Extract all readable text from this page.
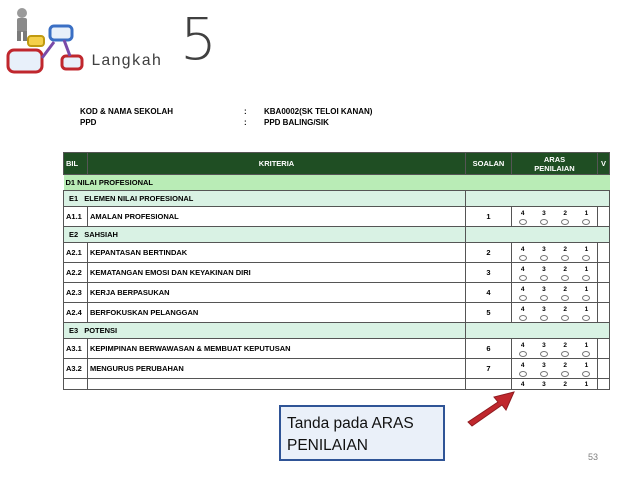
Langkah 5
KOD & NAMA SEKOLAH	:	KBA0002(SK TELOI KANAN)
PPD	:	PPD BALING/SIK
BIL	KRITERIA	SOALAN	ARAS
PENILAIAN	V
D1 NILAI PROFESIONAL				
E1 ELEMEN NILAI PROFESIONAL				
A1.1	AMALAN PROFESIONAL	1	4 3 2 1	

E2 SAHSIAH				
A2.1	KEPANTASAN BERTINDAK	2	4 3 2 1	

A2.2	KEMATANGAN EMOSI DAN KEYAKINAN DIRI	3	4 3 2 1	

A2.3	KERJA BERPASUKAN	4	4 3 2 1	

A2.4	BERFOKUSKAN PELANGGAN	5	4 3 2 1	

E3 POTENSI				
A3.1	KEPIMPINAN BERWAWASAN & MEMBUAT KEPUTUSAN	6	4 3 2 1	

A3.2	MENGURUS PERUBAHAN	7	4 3 2 1	

			4 3 2 1	
Tanda pada ARAS
PENILAIAN
53
